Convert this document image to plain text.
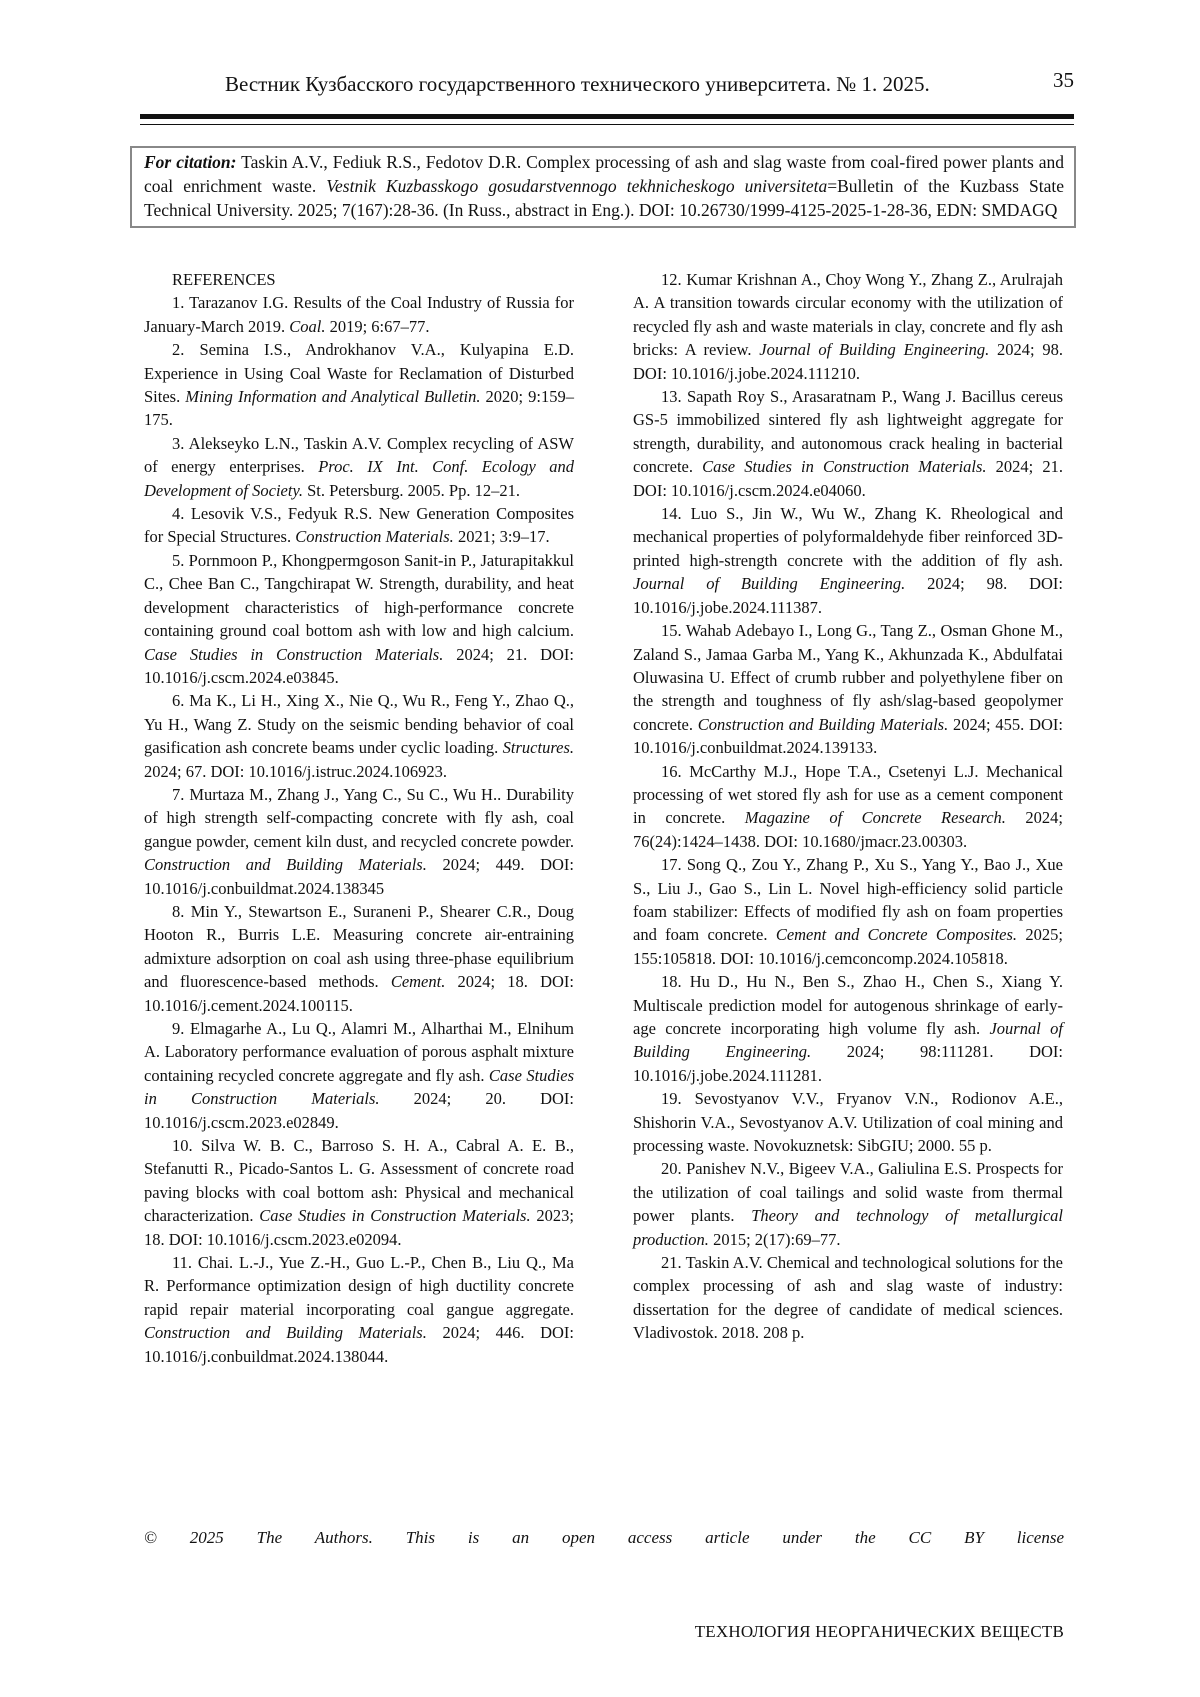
Вестник Кузбасского государственного технического университета. № 1. 2025.	35
For citation: Taskin A.V., Fediuk R.S., Fedotov D.R. Complex processing of ash and slag waste from coal-fired power plants and coal enrichment waste. Vestnik Kuzbasskogo gosudarstvennogo tekhnicheskogo universiteta=Bulletin of the Kuzbass State Technical University. 2025; 7(167):28-36. (In Russ., abstract in Eng.). DOI: 10.26730/1999-4125-2025-1-28-36, EDN: SMDAGQ

REFERENCES

1. Tarazanov I.G. Results of the Coal Industry of Russia for January-March 2019. Coal. 2019; 6:67–77.

2. Semina I.S., Androkhanov V.A., Kulyapina E.D. Experience in Using Coal Waste for Reclamation of Disturbed Sites. Mining Information and Analytical Bulletin. 2020; 9:159–175.

3. Alekseyko L.N., Taskin A.V. Complex recycling of ASW of energy enterprises. Proc. IX Int. Conf. Ecology and Development of Society. St. Petersburg. 2005. Pp. 12–21.

4. Lesovik V.S., Fedyuk R.S. New Generation Composites for Special Structures. Construction Materials. 2021; 3:9–17.

5. Pornmoon P., Khongpermgoson Sanit-in P., Jaturapitakkul C., Chee Ban C., Tangchirapat W. Strength, durability, and heat development characteristics of high-performance concrete containing ground coal bottom ash with low and high calcium. Case Studies in Construction Materials. 2024; 21. DOI: 10.1016/j.cscm.2024.e03845.

6. Ma K., Li H., Xing X., Nie Q., Wu R., Feng Y., Zhao Q., Yu H., Wang Z. Study on the seismic bending behavior of coal gasification ash concrete beams under cyclic loading. Structures. 2024; 67. DOI: 10.1016/j.istruc.2024.106923.

7. Murtaza M., Zhang J., Yang C., Su C., Wu H.. Durability of high strength self-compacting concrete with fly ash, coal gangue powder, cement kiln dust, and recycled concrete powder. Construction and Building Materials. 2024; 449. DOI: 10.1016/j.conbuildmat.2024.138345

8. Min Y., Stewartson E., Suraneni P., Shearer C.R., Doug Hooton R., Burris L.E. Measuring concrete air-entraining admixture adsorption on coal ash using three-phase equilibrium and fluorescence-based methods. Cement. 2024; 18. DOI: 10.1016/j.cement.2024.100115.

9. Elmagarhe A., Lu Q., Alamri M., Alharthai M., Elnihum A. Laboratory performance evaluation of porous asphalt mixture containing recycled concrete aggregate and fly ash. Case Studies in Construction Materials. 2024; 20. DOI: 10.1016/j.cscm.2023.e02849.

10. Silva W. B. C., Barroso S. H. A., Cabral A. E. B., Stefanutti R., Picado-Santos L. G. Assessment of concrete road paving blocks with coal bottom ash: Physical and mechanical characterization. Case Studies in Construction Materials. 2023; 18. DOI: 10.1016/j.cscm.2023.e02094.

11. Chai. L.-J., Yue Z.-H., Guo L.-P., Chen B., Liu Q., Ma R. Performance optimization design of high ductility concrete rapid repair material incorporating coal gangue aggregate. Construction and Building Materials. 2024; 446. DOI: 10.1016/j.conbuildmat.2024.138044.

12. Kumar Krishnan A., Choy Wong Y., Zhang Z., Arulrajah A. A transition towards circular economy with the utilization of recycled fly ash and waste materials in clay, concrete and fly ash bricks: A review. Journal of Building Engineering. 2024; 98. DOI: 10.1016/j.jobe.2024.111210.

13. Sapath Roy S., Arasaratnam P., Wang J. Bacillus cereus GS-5 immobilized sintered fly ash lightweight aggregate for strength, durability, and autonomous crack healing in bacterial concrete. Case Studies in Construction Materials. 2024; 21. DOI: 10.1016/j.cscm.2024.e04060.

14. Luo S., Jin W., Wu W., Zhang K. Rheological and mechanical properties of polyformaldehyde fiber reinforced 3D-printed high-strength concrete with the addition of fly ash. Journal of Building Engineering. 2024; 98. DOI: 10.1016/j.jobe.2024.111387.

15. Wahab Adebayo I., Long G., Tang Z., Osman Ghone M., Zaland S., Jamaa Garba M., Yang K., Akhunzada K., Abdulfatai Oluwasina U. Effect of crumb rubber and polyethylene fiber on the strength and toughness of fly ash/slag-based geopolymer concrete. Construction and Building Materials. 2024; 455. DOI: 10.1016/j.conbuildmat.2024.139133.

16. McCarthy M.J., Hope T.A., Csetenyi L.J. Mechanical processing of wet stored fly ash for use as a cement component in concrete. Magazine of Concrete Research. 2024; 76(24):1424–1438. DOI: 10.1680/jmacr.23.00303.

17. Song Q., Zou Y., Zhang P., Xu S., Yang Y., Bao J., Xue S., Liu J., Gao S., Lin L. Novel high-efficiency solid particle foam stabilizer: Effects of modified fly ash on foam properties and foam concrete. Cement and Concrete Composites. 2025; 155:105818. DOI: 10.1016/j.cemconcomp.2024.105818.

18. Hu D., Hu N., Ben S., Zhao H., Chen S., Xiang Y. Multiscale prediction model for autogenous shrinkage of early-age concrete incorporating high volume fly ash. Journal of Building Engineering. 2024; 98:111281. DOI: 10.1016/j.jobe.2024.111281.

19. Sevostyanov V.V., Fryanov V.N., Rodionov A.E., Shishorin V.A., Sevostyanov A.V. Utilization of coal mining and processing waste. Novokuznetsk: SibGIU; 2000. 55 p.

20. Panishev N.V., Bigeev V.A., Galiulina E.S. Prospects for the utilization of coal tailings and solid waste from thermal power plants. Theory and technology of metallurgical production. 2015; 2(17):69–77.

21. Taskin A.V. Chemical and technological solutions for the complex processing of ash and slag waste of industry: dissertation for the degree of candidate of medical sciences. Vladivostok. 2018. 208 p.

© 2025 The Authors. This is an open access article under the CC BY license
ТЕХНОЛОГИЯ НЕОРГАНИЧЕСКИХ ВЕЩЕСТВ
